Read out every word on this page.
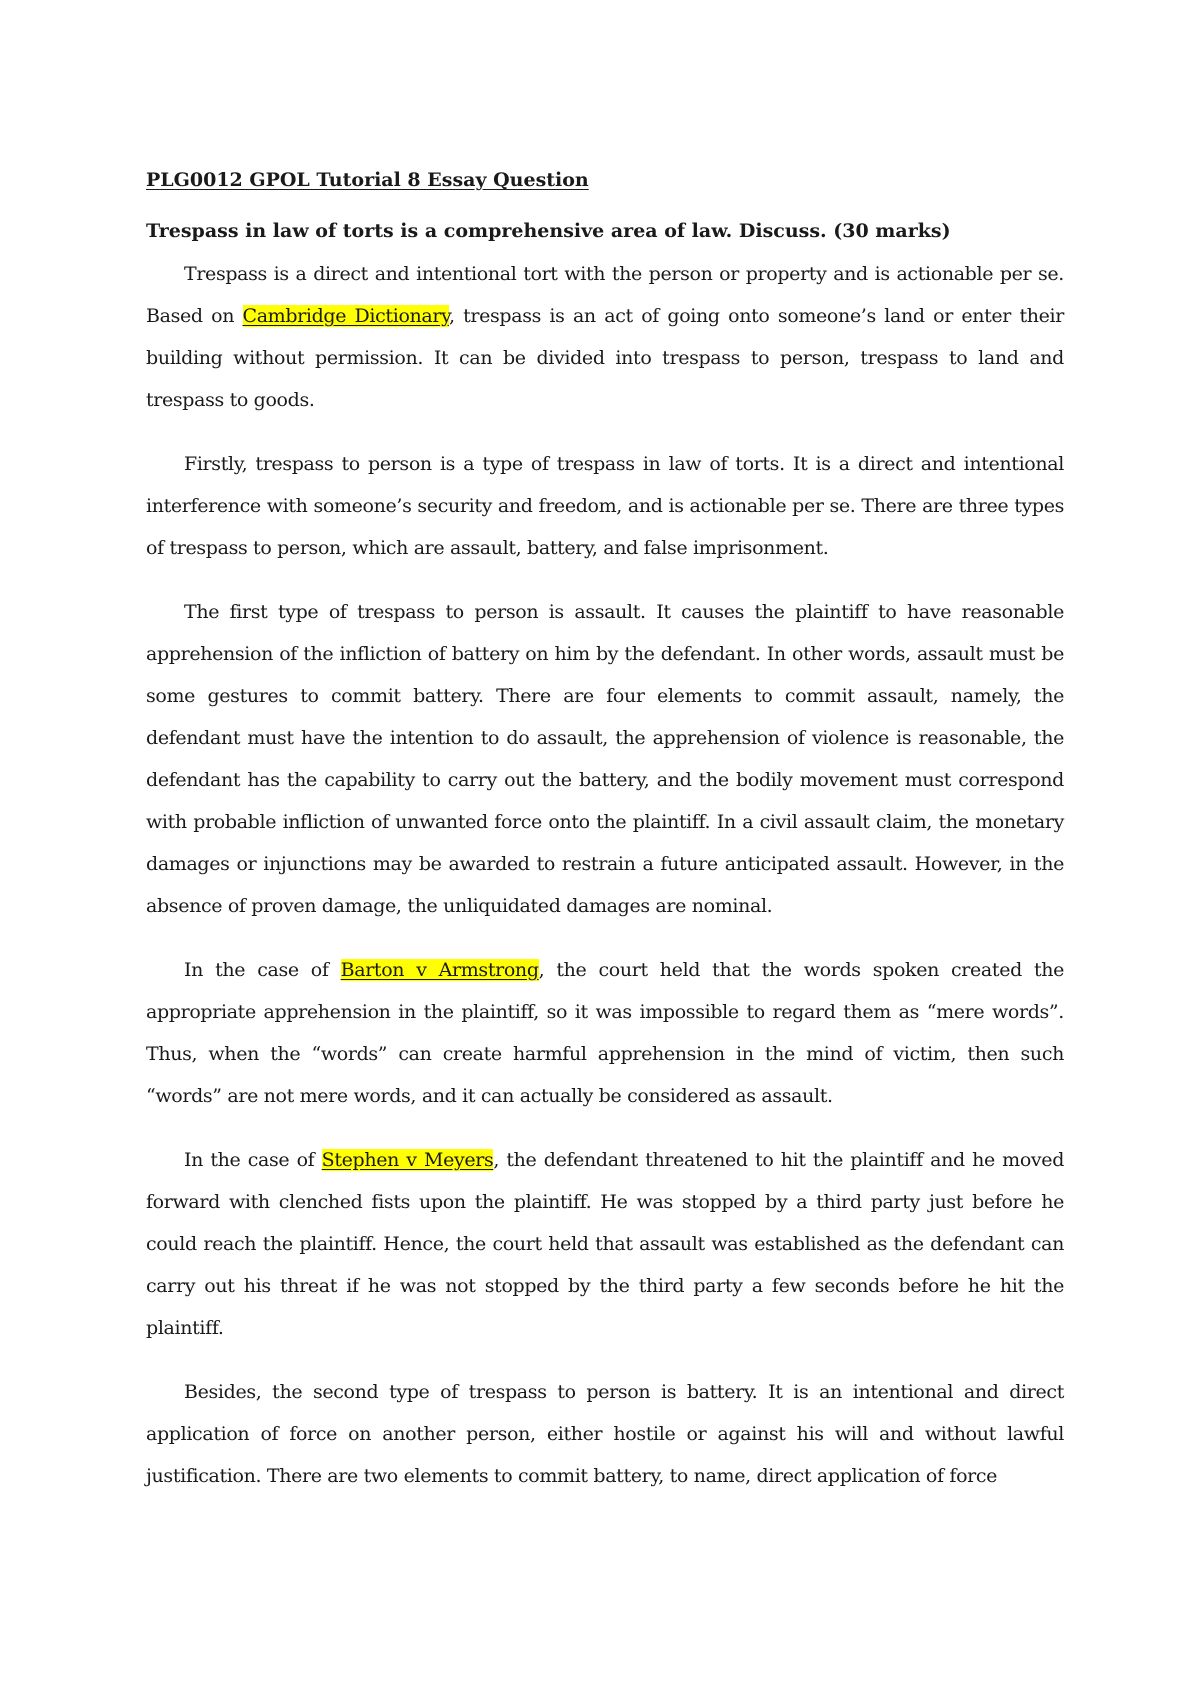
PLG0012 GPOL Tutorial 8 Essay Question
Trespass in law of torts is a comprehensive area of law. Discuss. (30 marks)

Trespass is a direct and intentional tort with the person or property and is actionable per se. Based on Cambridge Dictionary, trespass is an act of going onto someone’s land or enter their building without permission. It can be divided into trespass to person, trespass to land and trespass to goods.

Firstly, trespass to person is a type of trespass in law of torts. It is a direct and intentional interference with someone’s security and freedom, and is actionable per se. There are three types of trespass to person, which are assault, battery, and false imprisonment.

The first type of trespass to person is assault. It causes the plaintiff to have reasonable apprehension of the infliction of battery on him by the defendant. In other words, assault must be some gestures to commit battery. There are four elements to commit assault, namely, the defendant must have the intention to do assault, the apprehension of violence is reasonable, the defendant has the capability to carry out the battery, and the bodily movement must correspond with probable infliction of unwanted force onto the plaintiff. In a civil assault claim, the monetary damages or injunctions may be awarded to restrain a future anticipated assault. However, in the absence of proven damage, the unliquidated damages are nominal.

In the case of Barton v Armstrong, the court held that the words spoken created the appropriate apprehension in the plaintiff, so it was impossible to regard them as “mere words”. Thus, when the “words” can create harmful apprehension in the mind of victim, then such “words” are not mere words, and it can actually be considered as assault.

In the case of Stephen v Meyers, the defendant threatened to hit the plaintiff and he moved forward with clenched fists upon the plaintiff. He was stopped by a third party just before he could reach the plaintiff. Hence, the court held that assault was established as the defendant can carry out his threat if he was not stopped by the third party a few seconds before he hit the plaintiff.

Besides, the second type of trespass to person is battery. It is an intentional and direct application of force on another person, either hostile or against his will and without lawful justification. There are two elements to commit battery, to name, direct application of force
